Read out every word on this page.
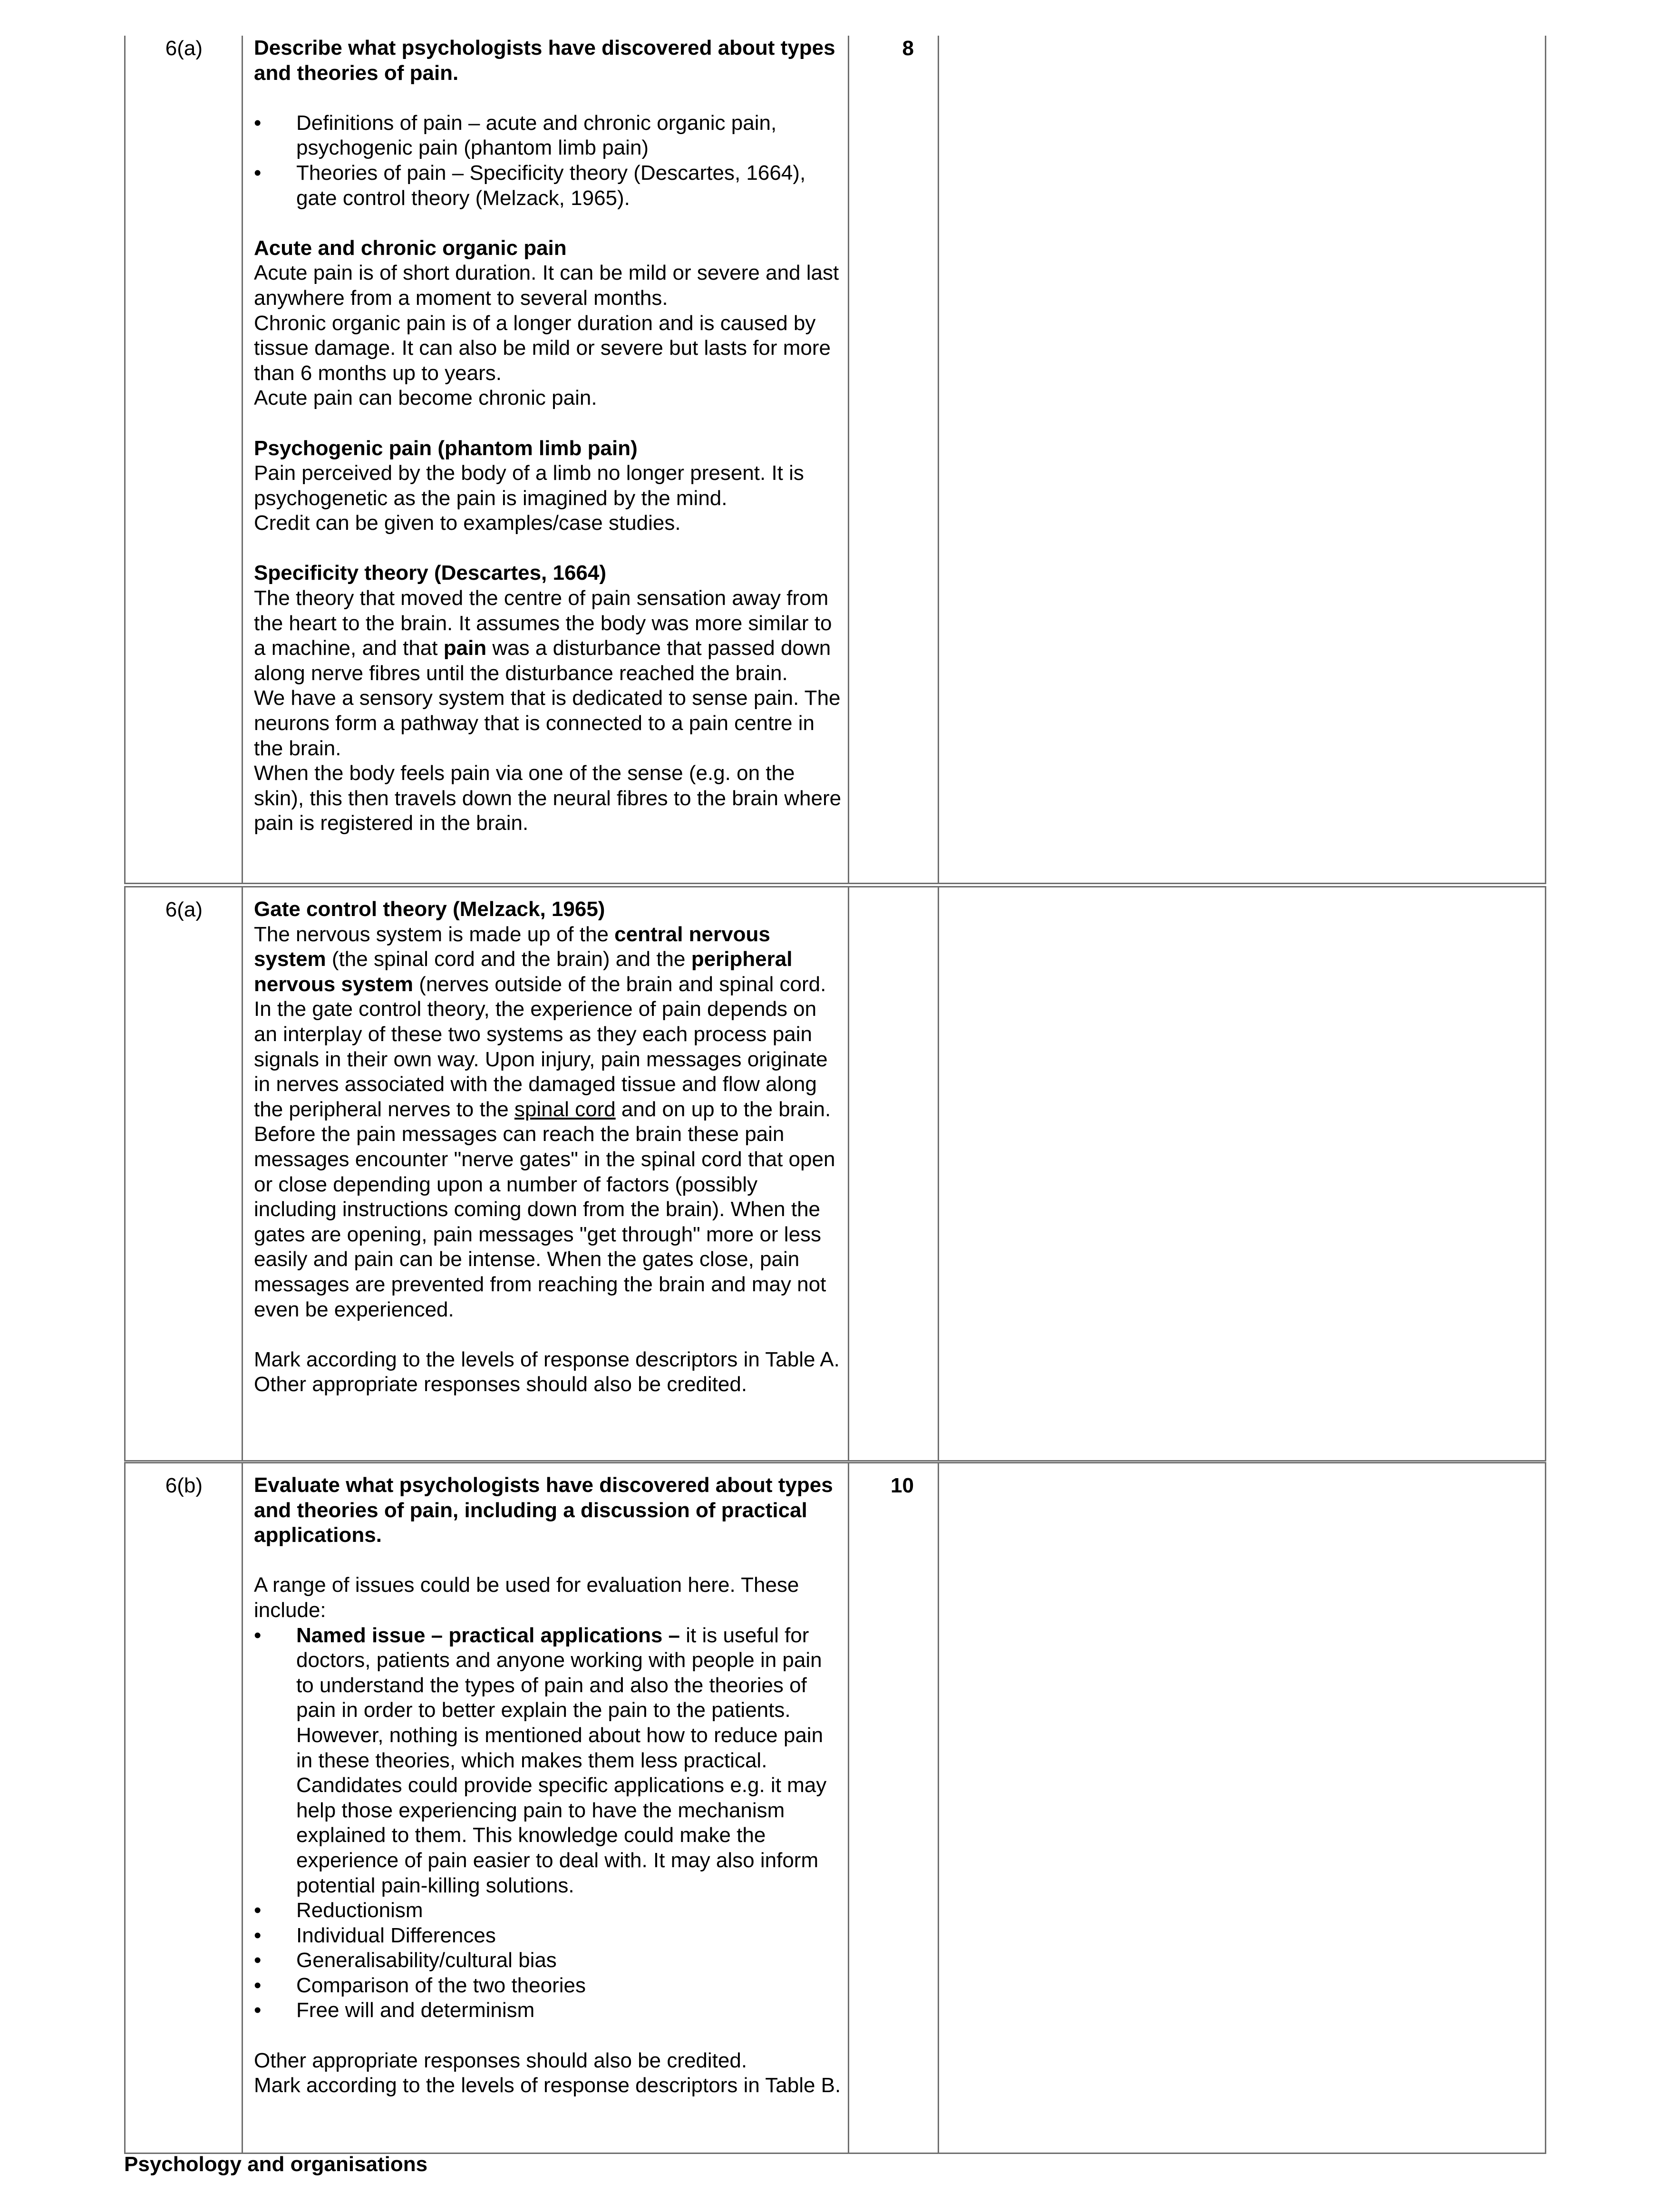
6(a)	8

Describe what psychologists have discovered about types and theories of pain.

• Definitions of pain – acute and chronic organic pain, psychogenic pain (phantom limb pain)
• Theories of pain – Specificity theory (Descartes, 1664), gate control theory (Melzack, 1965).

Acute and chronic organic pain

Acute pain is of short duration. It can be mild or severe and last anywhere from a moment to several months.

Chronic organic pain is of a longer duration and is caused by tissue damage. It can also be mild or severe but lasts for more than 6 months up to years.

Acute pain can become chronic pain.

Psychogenic pain (phantom limb pain)

Pain perceived by the body of a limb no longer present. It is psychogenetic as the pain is imagined by the mind.

Credit can be given to examples/case studies.

Specificity theory (Descartes, 1664)

The theory that moved the centre of pain sensation away from the heart to the brain. It assumes the body was more similar to a machine, and that pain was a disturbance that passed down along nerve fibres until the disturbance reached the brain.

We have a sensory system that is dedicated to sense pain. The neurons form a pathway that is connected to a pain centre in the brain.

When the body feels pain via one of the sense (e.g. on the skin), this then travels down the neural fibres to the brain where pain is registered in the brain.

6(a) Gate control theory (Melzack, 1965)

The nervous system is made up of the central nervous system (the spinal cord and the brain) and the peripheral nervous system (nerves outside of the brain and spinal cord. In the gate control theory, the experience of pain depends on an interplay of these two systems as they each process pain signals in their own way. Upon injury, pain messages originate in nerves associated with the damaged tissue and flow along the peripheral nerves to the spinal cord and on up to the brain. Before the pain messages can reach the brain these pain messages encounter "nerve gates" in the spinal cord that open or close depending upon a number of factors (possibly including instructions coming down from the brain). When the gates are opening, pain messages "get through" more or less easily and pain can be intense. When the gates close, pain messages are prevented from reaching the brain and may not even be experienced.

Mark according to the levels of response descriptors in Table A.

Other appropriate responses should also be credited.

6(b)	10

Evaluate what psychologists have discovered about types and theories of pain, including a discussion of practical applications.

A range of issues could be used for evaluation here. These include:

• Named issue – practical applications – it is useful for doctors, patients and anyone working with people in pain to understand the types of pain and also the theories of pain in order to better explain the pain to the patients. However, nothing is mentioned about how to reduce pain in these theories, which makes them less practical. Candidates could provide specific applications e.g. it may help those experiencing pain to have the mechanism explained to them. This knowledge could make the experience of pain easier to deal with. It may also inform potential pain-killing solutions.
• Reductionism
• Individual Differences
• Generalisability/cultural bias
• Comparison of the two theories
• Free will and determinism

Other appropriate responses should also be credited.

Mark according to the levels of response descriptors in Table B.

Psychology and organisations
